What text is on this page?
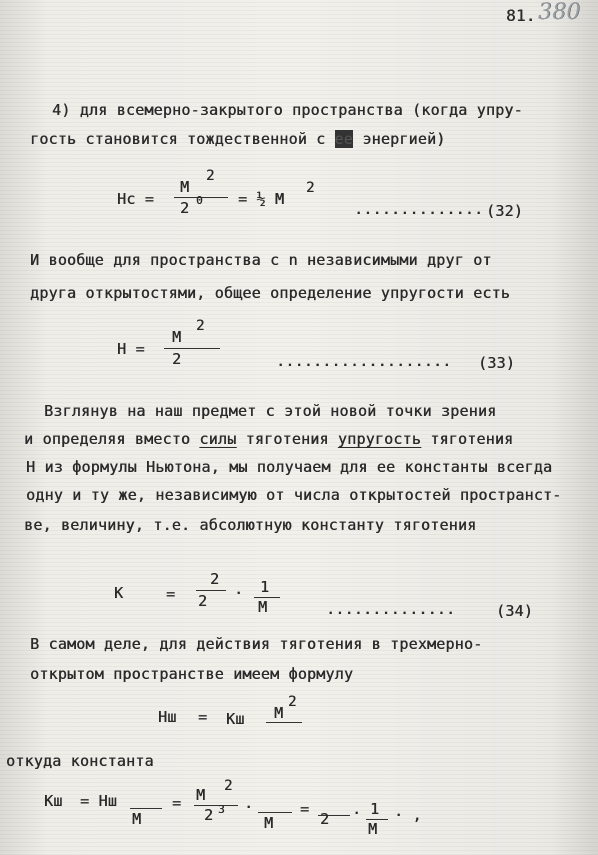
81. 380
4) для всемерно-закрытого пространства (когда упру-
гость становится тождественной с ее энергией)
Hc =
M
2
2 0 = ½ M
2
.............. (32)
И вообще для пространства с n независимыми друг от
друга открытостями, общее определение упругости есть
H =
M
2
2	................... (33)
Взглянув на наш предмет с этой новой точки зрения
и определяя вместо силы тяготения упругость тяготения
Н из формулы Ньютона, мы получаем для ее константы всегда
одну и ту же, независимую от числа открытостей пространст-
ве, величину, т.е. абсолютную константу тяготения
K	=
2
2 · 1
M	..............	(34)
В самом деле, для действия тяготения в трехмерно-
открытом пространстве имеем формулу
Hш = Kш M
2
откуда константа
Kш = Hш
M
= M 2
2 3 ·
M
=
2 · 1
M
· ,
